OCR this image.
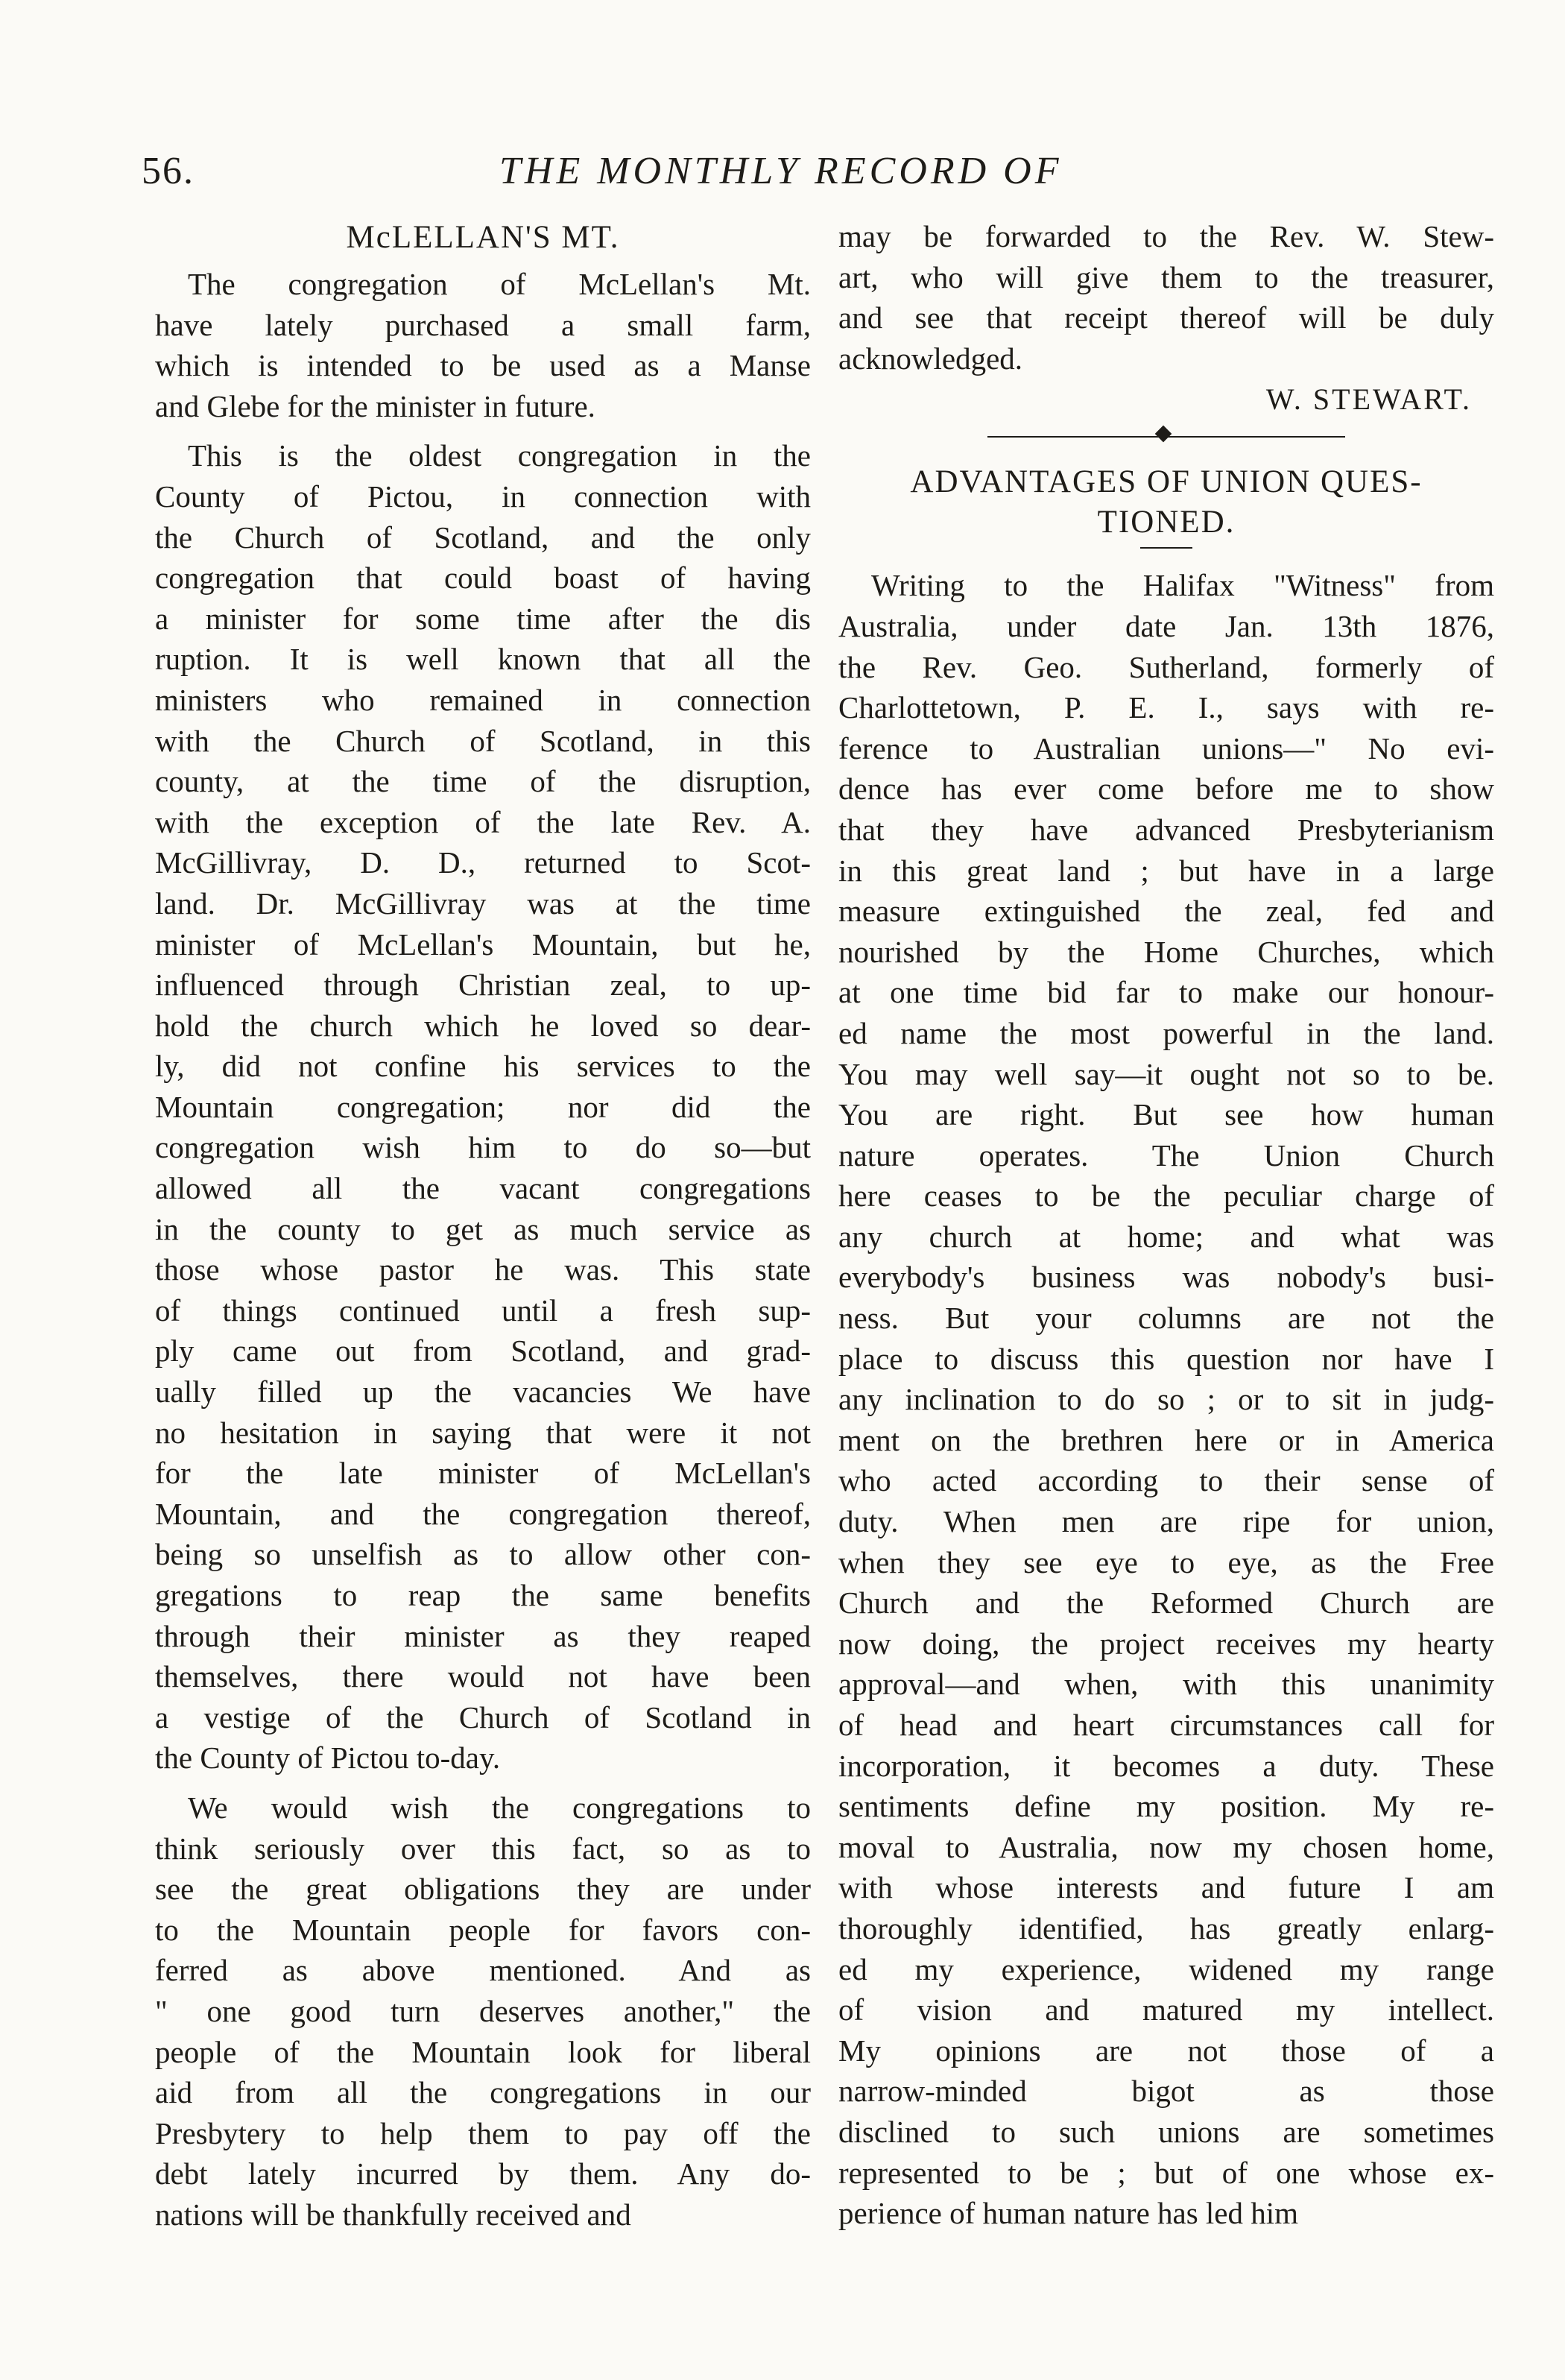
56.	THE MONTHLY RECORD OF
McLELLAN'S MT.

The congregation of McLellan's Mt.
have lately purchased a small farm,
which is intended to be used as a Manse
and Glebe for the minister in future.

This is the oldest congregation in the
County of Pictou, in connection with
the Church of Scotland, and the only
congregation that could boast of having
a minister for some time after the dis
ruption. It is well known that all the
ministers who remained in connection
with the Church of Scotland, in this
county, at the time of the disruption,
with the exception of the late Rev. A.
McGillivray, D. D., returned to Scot-
land. Dr. McGillivray was at the time
minister of McLellan's Mountain, but he,
influenced through Christian zeal, to up-
hold the church which he loved so dear-
ly, did not confine his services to the
Mountain congregation; nor did the
congregation wish him to do so—but
allowed all the vacant congregations
in the county to get as much service as
those whose pastor he was. This state
of things continued until a fresh sup-
ply came out from Scotland, and grad-
ually filled up the vacancies We have
no hesitation in saying that were it not
for the late minister of McLellan's
Mountain, and the congregation thereof,
being so unselfish as to allow other con-
gregations to reap the same benefits
through their minister as they reaped
themselves, there would not have been
a vestige of the Church of Scotland in
the County of Pictou to-day.

We would wish the congregations to
think seriously over this fact, so as to
see the great obligations they are under
to the Mountain people for favors con-
ferred as above mentioned. And as
" one good turn deserves another," the
people of the Mountain look for liberal
aid from all the congregations in our
Presbytery to help them to pay off the
debt lately incurred by them. Any do-
nations will be thankfully received and

may be forwarded to the Rev. W. Stew-
art, who will give them to the treasurer,
and see that receipt thereof will be duly
acknowledged.

W. STEWART.
ADVANTAGES OF UNION QUES-
TIONED.

Writing to the Halifax "Witness" from
Australia, under date Jan. 13th 1876,
the Rev. Geo. Sutherland, formerly of
Charlottetown, P. E. I., says with re-
ference to Australian unions—" No evi-
dence has ever come before me to show
that they have advanced Presbyterianism
in this great land ; but have in a large
measure extinguished the zeal, fed and
nourished by the Home Churches, which
at one time bid far to make our honour-
ed name the most powerful in the land.
You may well say—it ought not so to be.
You are right. But see how human
nature operates. The Union Church
here ceases to be the peculiar charge of
any church at home; and what was
everybody's business was nobody's busi-
ness. But your columns are not the
place to discuss this question nor have I
any inclination to do so ; or to sit in judg-
ment on the brethren here or in America
who acted according to their sense of
duty. When men are ripe for union,
when they see eye to eye, as the Free
Church and the Reformed Church are
now doing, the project receives my hearty
approval—and when, with this unanimity
of head and heart circumstances call for
incorporation, it becomes a duty. These
sentiments define my position. My re-
moval to Australia, now my chosen home,
with whose interests and future I am
thoroughly identified, has greatly enlarg-
ed my experience, widened my range
of vision and matured my intellect.
My opinions are not those of a
narrow-minded bigot as those
disclined to such unions are sometimes
represented to be ; but of one whose ex-
perience of human nature has led him
